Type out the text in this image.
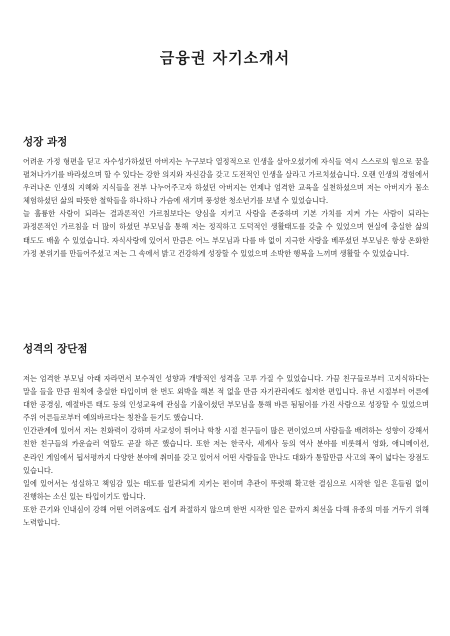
금융권 자기소개서
성장 과정

어려운 가정 형편을 딛고 자수성가하셨던 아버지는 누구보다 열정적으로 인생을 살아오셨기에 자식들 역시 스스로의 힘으로 꿈을 펼쳐나가기를 바라셨으며 할 수 있다는 강한 의지와 자신감을 갖고 도전적인 인생을 살라고 가르치셨습니다. 오랜 인생의 경험에서 우러나온 인생의 지혜와 지식들을 전부 나누어주고자 하셨던 아버지는 언제나 엄격한 교육을 실천하셨으며 저는 아버지가 몸소 체험하셨던 삶의 따뜻한 철학들을 하나하나 가슴에 새기며 풍성한 청소년기를 보낼 수 있었습니다.

늘 훌륭한 사람이 되라는 결과론적인 가르침보다는 양심을 지키고 사람을 존중하며 기본 가치를 지켜 가는 사람이 되라는 과정론적인 가르침을 더 많이 하셨던 부모님을 통해 저는 정직하고 도덕적인 생활태도를 갖출 수 있었으며 현실에 충실한 삶의 태도도 배울 수 있었습니다. 자식사랑에 있어서 만큼은 어느 부모님과 다를 바 없이 지극한 사랑을 베푸셨던 부모님은 항상 온화한 가정 분위기를 만들어주셨고 저는 그 속에서 밝고 건강하게 성장할 수 있었으며 소박한 행복을 느끼며 생활할 수 있었습니다.

성격의 장단점

저는 엄격한 부모님 아래 자라면서 보수적인 성향과 개방적인 성격을 고루 가질 수 있었습니다. 가끔 친구들로부터 고지식하다는 말을 들을 만큼 원칙에 충실한 타입이며 한 번도 외박을 해본 적 없을 만큼 자기관리에도 철저한 편입니다. 유년 시절부터 어른에 대한 공경심, 예절바른 태도 등의 인성교육에 관심을 기울이셨던 부모님을 통해 바른 됨됨이를 가진 사람으로 성장할 수 있었으며 주위 어른들로부터 예의바르다는 칭찬을 듣기도 했습니다.

인간관계에 있어서 저는 친화력이 강하며 사교성이 뛰어나 학창 시절 친구들이 많은 편이었으며 사람들을 배려하는 성향이 강해서 친한 친구들의 카운슬러 역할도 곧잘 하곤 했습니다. 또한 저는 한국사, 세계사 등의 역사 분야를 비롯해서 영화, 애니메이션, 온라인 게임에서 됩서평까지 다양한 분야에 취미를 갖고 있어서 어떤 사람들을 만나도 대화가 통할만큼 사고의 폭이 넓다는 장점도 있습니다.

일에 있어서는 성실하고 책임감 있는 태도를 일관되게 지키는 편이며 추관이 뚜렷해 확고한 결심으로 시작한 일은 흔들림 없이 진행하는 소신 있는 타입이기도 합니다.

또한 끈기와 인내심이 강해 어떤 어려움에도 쉽게 좌절하지 않으며 한번 시작한 일은 끝까지 최선을 다해 유종의 미를 거두기 위해 노력합니다.
